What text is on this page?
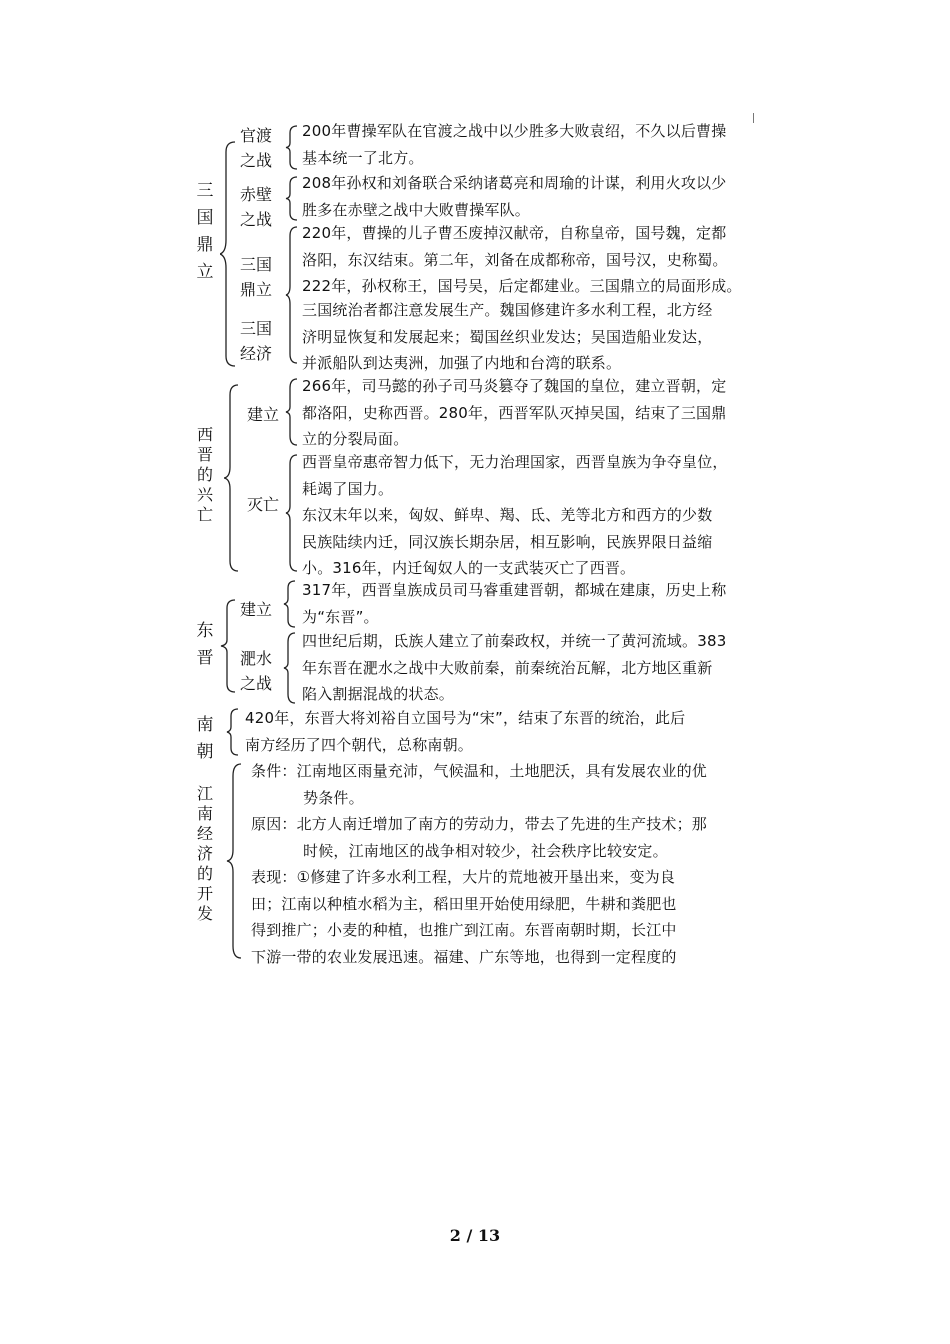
三
国
鼎
立
官渡之战
200年曹操军队在官渡之战中以少胜多大败袁绍，不久以后曹操
基本统一了北方。
赤壁之战
208年孙权和刘备联合采纳诸葛亮和周瑜的计谋，利用火攻以少
胜多在赤壁之战中大败曹操军队。
三国鼎立
三国经济
220年，曹操的儿子曹丕废掉汉献帝，自称皇帝，国号魏，定都
洛阳，东汉结束。第二年，刘备在成都称帝，国号汉，史称蜀。
222年，孙权称王，国号吴，后定都建业。三国鼎立的局面形成。
三国统治者都注意发展生产。魏国修建许多水利工程，北方经
济明显恢复和发展起来；蜀国丝织业发达；吴国造船业发达，
并派船队到达夷洲，加强了内地和台湾的联系。
西
晋
的
兴
亡
建立
266年，司马懿的孙子司马炎篡夺了魏国的皇位，建立晋朝，定
都洛阳，史称西晋。280年，西晋军队灭掉吴国，结束了三国鼎
立的分裂局面。
灭亡
西晋皇帝惠帝智力低下，无力治理国家，西晋皇族为争夺皇位，
耗竭了国力。
东汉末年以来，匈奴、鲜卑、羯、氐、羌等北方和西方的少数
民族陆续内迁，同汉族长期杂居，相互影响，民族界限日益缩
小。316年，内迁匈奴人的一支武装灭亡了西晋。
东
晋
建立
317年，西晋皇族成员司马睿重建晋朝，都城在建康，历史上称
为“东晋”。
淝水之战
四世纪后期，氐族人建立了前秦政权，并统一了黄河流域。383
年东晋在淝水之战中大败前秦，前秦统治瓦解，北方地区重新
陷入割据混战的状态。
南
朝
420年，东晋大将刘裕自立国号为“宋”，结束了东晋的统治，此后
南方经历了四个朝代，总称南朝。
江
南
经
济
的
开
发
条件：江南地区雨量充沛，气候温和，土地肥沃，具有发展农业的优
势条件。
原因：北方人南迁增加了南方的劳动力，带去了先进的生产技术；那
时候，江南地区的战争相对较少，社会秩序比较安定。
表现：①修建了许多水利工程，大片的荒地被开垦出来，变为良
田；江南以种植水稻为主，稻田里开始使用绿肥，牛耕和粪肥也
得到推广；小麦的种植，也推广到江南。东晋南朝时期，长江中
下游一带的农业发展迅速。福建、广东等地，也得到一定程度的
2 / 13
